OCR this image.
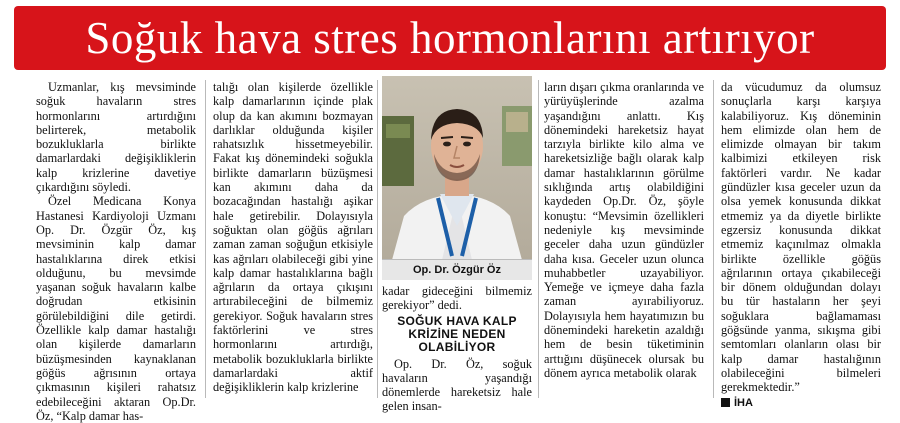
Soğuk hava stres hormonlarını artırıyor

Uzmanlar, kış mevsiminde soğuk havaların stres hormonlarını artırdığını belirterek, metabolik bozukluklarla birlikte damarlardaki değişikliklerin kalp krizlerine davetiye çıkardığını söyledi.

Özel Medicana Konya Hastanesi Kardiyoloji Uzmanı Op. Dr. Özgür Öz, kış mevsiminin kalp damar hastalıklarına direk etkisi olduğunu, bu mevsimde yaşanan soğuk havaların kalbe doğrudan etkisinin görülebildiğini dile getirdi. Özellikle kalp damar hastalığı olan kişilerde damarların büzüşmesinden kaynaklanan göğüs ağrısının ortaya çıkmasının kişileri rahatsız edebileceğini aktaran Op.Dr. Öz, “Kalp damar has-

talığı olan kişilerde özellikle kalp damarlarının içinde plak olup da kan akımını bozmayan darlıklar olduğunda kişiler rahatsızlık hissetmeyebilir. Fakat kış dönemindeki soğukla birlikte damarların büzüşmesi kan akımını daha da bozacağından hastalığı aşikar hale getirebilir. Dolayısıyla soğuktan olan göğüs ağrıları zaman zaman soğuğun etkisiyle kas ağrıları olabileceği gibi yine kalp damar hastalıklarına bağlı ağrıların da ortaya çıkışını artırabileceğini de bilmemiz gerekiyor. Soğuk havaların stres faktörlerini ve stres hormonlarını artırdığı, metabolik bozukluklarla birlikte damarlardaki aktif değişikliklerin kalp krizlerine

Op. Dr. Özgür Öz

kadar gideceğini bilmemiz gerekiyor” dedi.

SOĞUK HAVA KALP KRİZİNE NEDEN OLABİLİYOR

Op. Dr. Öz, soğuk havaların yaşandığı dönemlerde hareketsiz hale gelen insan-

ların dışarı çıkma oranlarında ve yürüyüşlerinde azalma yaşandığını anlattı. Kış dönemindeki hareketsiz hayat tarzıyla birlikte kilo alma ve hareketsizliğe bağlı olarak kalp damar hastalıklarının görülme sıklığında artış olabildiğini kaydeden Op.Dr. Öz, şöyle konuştu: “Mevsimin özellikleri nedeniyle kış mevsiminde geceler daha uzun gündüzler daha kısa. Geceler uzun olunca muhabbetler uzayabiliyor. Yemeğe ve içmeye daha fazla zaman ayırabiliyoruz. Dolayısıyla hem hayatımızın bu dönemindeki hareketin azaldığı hem de besin tüketiminin arttığını düşünecek olursak bu dönem ayrıca metabolik olarak

da vücudumuz da olumsuz sonuçlarla karşı karşıya kalabiliyoruz. Kış döneminin hem elimizde olan hem de elimizde olmayan bir takım kalbimizi etkileyen risk faktörleri vardır. Ne kadar gündüzler kısa geceler uzun da olsa yemek konusunda dikkat etmemiz ya da diyetle birlikte egzersiz konusunda dikkat etmemiz kaçınılmaz olmakla birlikte özellikle göğüs ağrılarının ortaya çıkabileceği bir dönem olduğundan dolayı bu tür hastaların her şeyi soğuklara bağlamaması göğsünde yanma, sıkışma gibi semtomları olanların olası bir kalp damar hastalığının olabileceğini bilmeleri gerekmektedir.”

İHA
